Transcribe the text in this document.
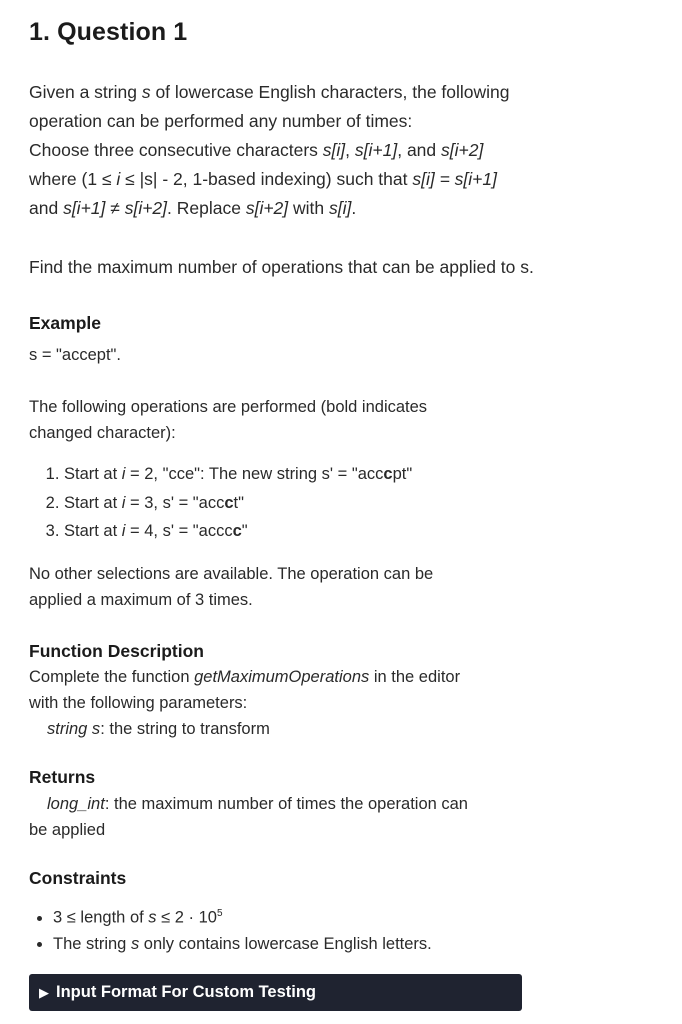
1. Question 1

Given a string s of lowercase English characters, the following

operation can be performed any number of times:

Choose three consecutive characters s[i], s[i+1], and s[i+2]

where (1 ≤ i ≤ |s| - 2, 1-based indexing) such that s[i] = s[i+1]

and s[i+1] ≠ s[i+2]. Replace s[i+2] with s[i].

Find the maximum number of operations that can be applied to s.
Example

s = "accept".

The following operations are performed (bold indicates

changed character):

1. Start at i = 2, "cce": The new string s' = "acccpt"
2. Start at i = 3, s' = "accct"
3. Start at i = 4, s' = "acccc"

No other selections are available. The operation can be

applied a maximum of 3 times.

Function Description

Complete the function getMaximumOperations in the editor

with the following parameters:

string s: the string to transform

Returns

long_int: the maximum number of times the operation can

be applied

Constraints
• 3 ≤ length of $s \le 2 \cdot 10^5$
• The string s only contains lowercase English letters.
▶ Input Format For Custom Testing
